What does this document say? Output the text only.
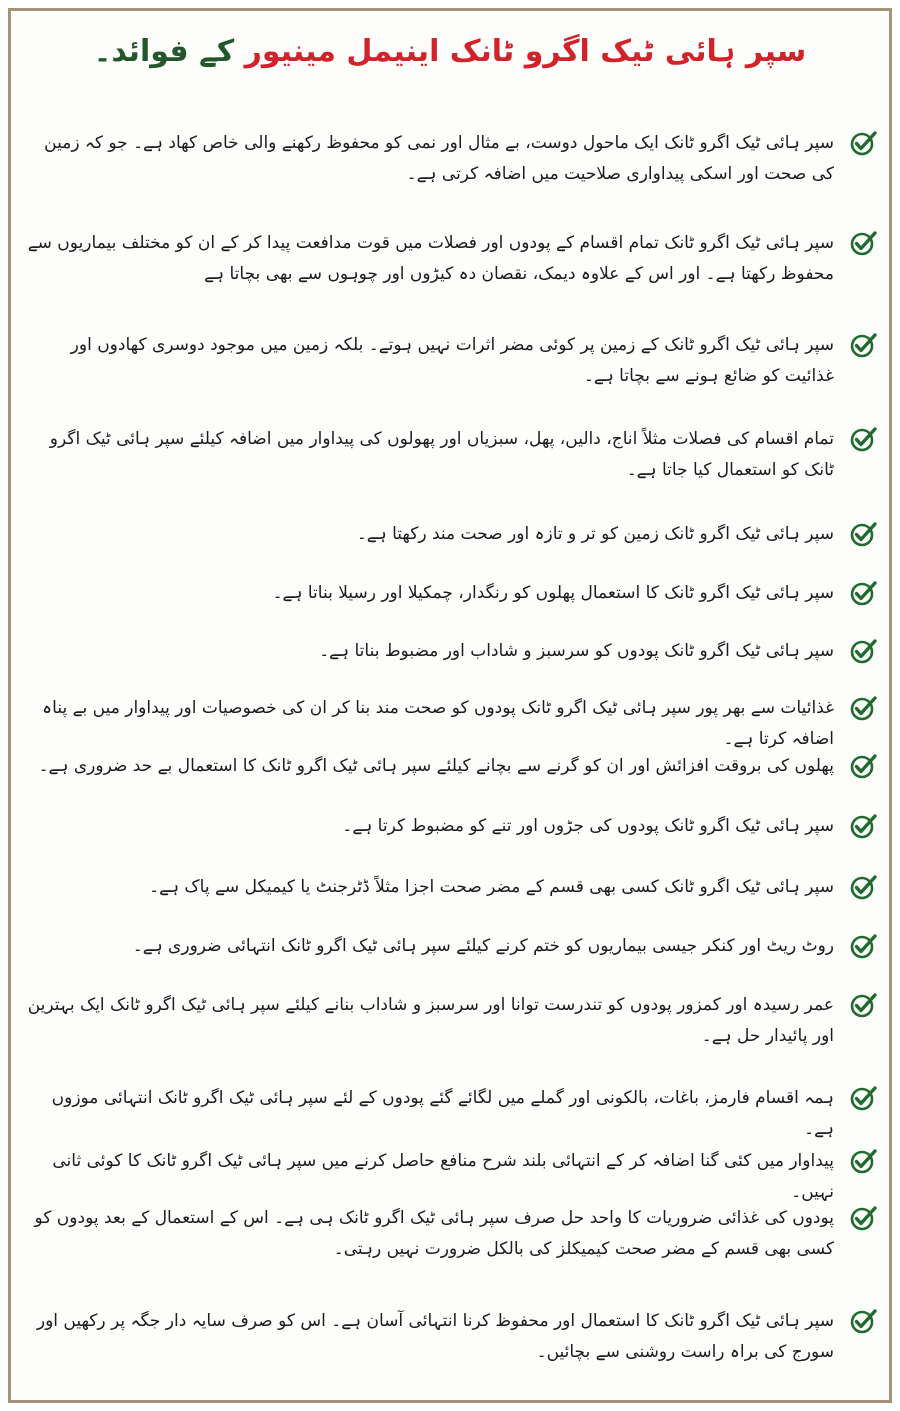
سپر ہائی ٹیک اگرو ٹانک اینیمل مینیور کے فوائد۔
سپر ہائی ٹیک اگرو ٹانک ایک ماحول دوست، بے مثال اور نمی کو محفوظ رکھنے والی خاص کھاد ہے۔ جو کہ زمین کی صحت اور اسکی پیداواری صلاحیت میں اضافہ کرتی ہے۔
سپر ہائی ٹیک اگرو ٹانک تمام اقسام کے پودوں اور فصلات میں قوت مدافعت پیدا کر کے ان کو مختلف بیماریوں سے محفوظ رکھتا ہے۔ اور اس کے علاوہ دیمک، نقصان دہ کیڑوں اور چوہوں سے بھی بچاتا ہے
سپر ہائی ٹیک اگرو ٹانک کے زمین پر کوئی مضر اثرات نہیں ہوتے۔ بلکہ زمین میں موجود دوسری کھادوں اور غذائیت کو ضائع ہونے سے بچاتا ہے۔
تمام اقسام کی فصلات مثلاً اناج، دالیں، پھل، سبزیاں اور پھولوں کی پیداوار میں اضافہ کیلئے سپر ہائی ٹیک اگرو ٹانک کو استعمال کیا جاتا ہے۔
سپر ہائی ٹیک اگرو ٹانک زمین کو تر و تازہ اور صحت مند رکھتا ہے۔
سپر ہائی ٹیک اگرو ٹانک کا استعمال پھلوں کو رنگدار، چمکیلا اور رسیلا بناتا ہے۔
سپر ہائی ٹیک اگرو ٹانک پودوں کو سرسبز و شاداب اور مضبوط بناتا ہے۔
غذائیات سے بھر پور سپر ہائی ٹیک اگرو ٹانک پودوں کو صحت مند بنا کر ان کی خصوصیات اور پیداوار میں بے پناہ اضافہ کرتا ہے۔
پھلوں کی بروقت افزائش اور ان کو گرنے سے بچانے کیلئے سپر ہائی ٹیک اگرو ٹانک کا استعمال بے حد ضروری ہے۔
سپر ہائی ٹیک اگرو ٹانک پودوں کی جڑوں اور تنے کو مضبوط کرتا ہے۔
سپر ہائی ٹیک اگرو ٹانک کسی بھی قسم کے مضر صحت اجزا مثلاً ڈٹرجنٹ یا کیمیکل سے پاک ہے۔
روٹ ریٹ اور کنکر جیسی بیماریوں کو ختم کرنے کیلئے سپر ہائی ٹیک اگرو ٹانک انتہائی ضروری ہے۔
عمر رسیدہ اور کمزور پودوں کو تندرست توانا اور سرسبز و شاداب بنانے کیلئے سپر ہائی ٹیک اگرو ٹانک ایک بہترین اور پائیدار حل ہے۔
ہمہ اقسام فارمز، باغات، بالکونی اور گملے میں لگائے گئے پودوں کے لئے سپر ہائی ٹیک اگرو ٹانک انتہائی موزوں ہے۔
پیداوار میں کئی گنا اضافہ کر کے انتہائی بلند شرح منافع حاصل کرنے میں سپر ہائی ٹیک اگرو ٹانک کا کوئی ثانی نہیں۔
پودوں کی غذائی ضروریات کا واحد حل صرف سپر ہائی ٹیک اگرو ٹانک ہی ہے۔ اس کے استعمال کے بعد پودوں کو کسی بھی قسم کے مضر صحت کیمیکلز کی بالکل ضرورت نہیں رہتی۔
سپر ہائی ٹیک اگرو ٹانک کا استعمال اور محفوظ کرنا انتہائی آسان ہے۔ اس کو صرف سایہ دار جگہ پر رکھیں اور سورج کی براہ راست روشنی سے بچائیں۔
